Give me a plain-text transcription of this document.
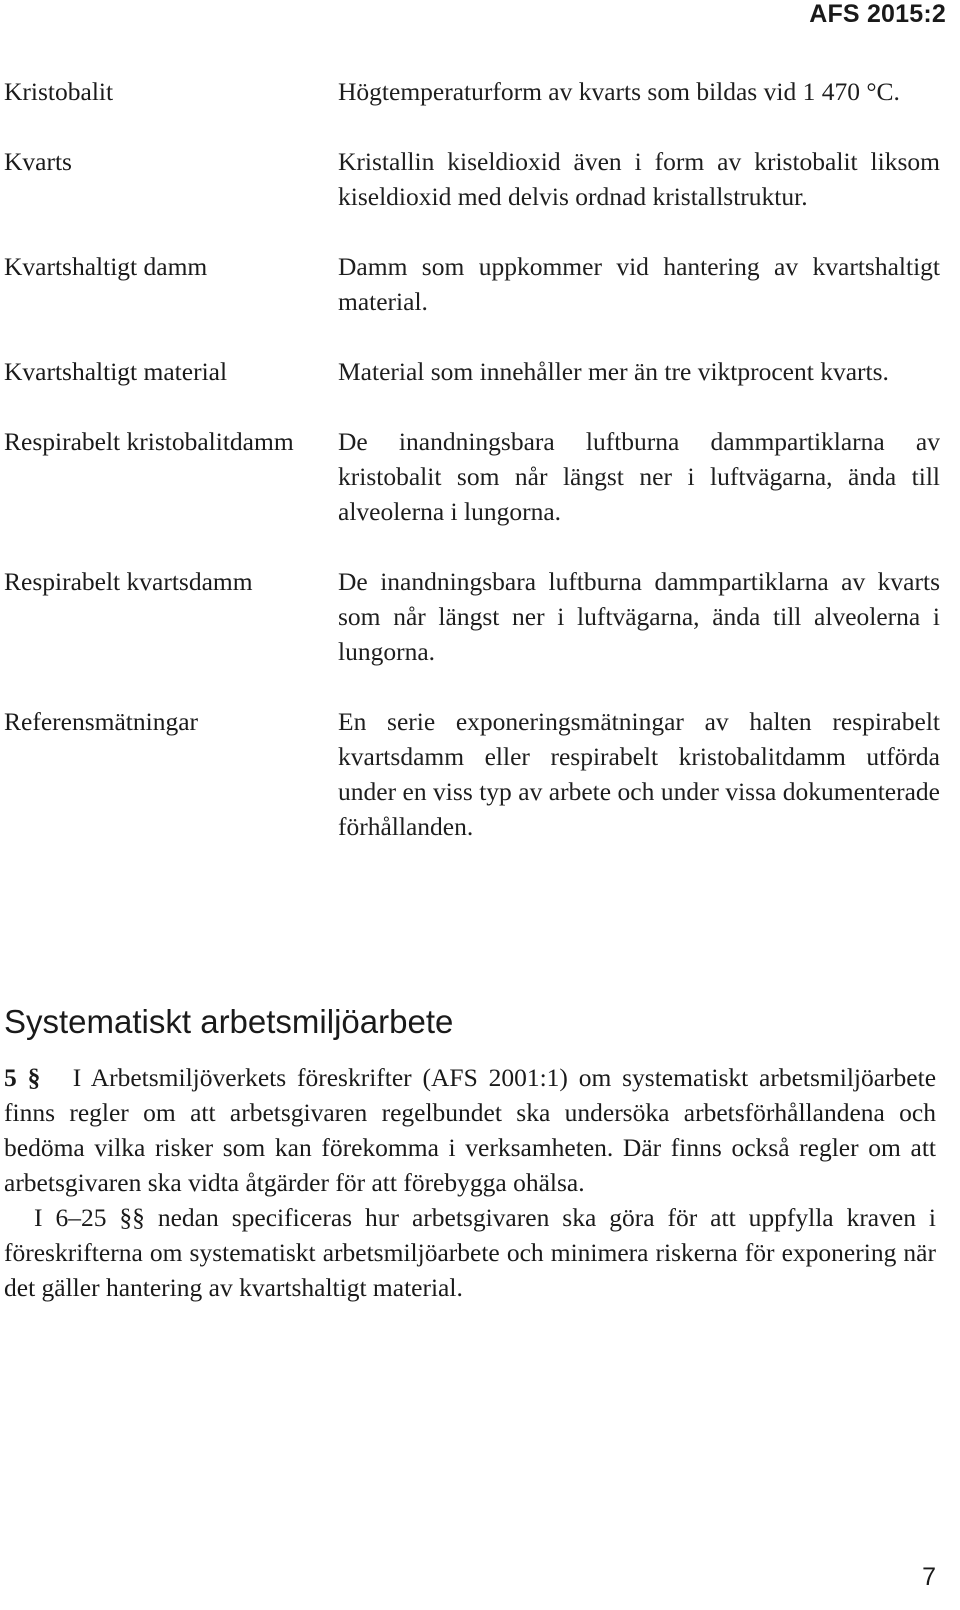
AFS 2015:2
Kristobalit	Högtemperaturform av kvarts som bildas vid 1 470 °C.
Kvarts	Kristallin kiseldioxid även i form av kristobalit liksom kiseldioxid med delvis ordnad kristallstruktur.
Kvartshaltigt damm	Damm som uppkommer vid hantering av kvartshaltigt material.
Kvartshaltigt material	Material som innehåller mer än tre viktprocent kvarts.
Respirabelt kristobalitdamm	De inandningsbara luftburna dammpartiklarna av kristobalit som når längst ner i luftvägarna, ända till alveolerna i lungorna.
Respirabelt kvartsdamm	De inandningsbara luftburna dammpartiklarna av kvarts som når längst ner i luftvägarna, ända till alveolerna i lungorna.
Referensmätningar	En serie exponeringsmätningar av halten respirabelt kvartsdamm eller respirabelt kristobalitdamm utförda under en viss typ av arbete och under vissa dokumenterade förhållanden.
Systematiskt arbetsmiljöarbete

5 § I Arbetsmiljöverkets föreskrifter (AFS 2001:1) om systematiskt arbetsmiljöarbete finns regler om att arbetsgivaren regelbundet ska undersöka arbetsförhållandena och bedöma vilka risker som kan förekomma i verksamheten. Där finns också regler om att arbetsgivaren ska vidta åtgärder för att förebygga ohälsa.

I 6–25 §§ nedan specificeras hur arbetsgivaren ska göra för att uppfylla kraven i föreskrifterna om systematiskt arbetsmiljöarbete och minimera riskerna för exponering när det gäller hantering av kvartshaltigt material.

7
